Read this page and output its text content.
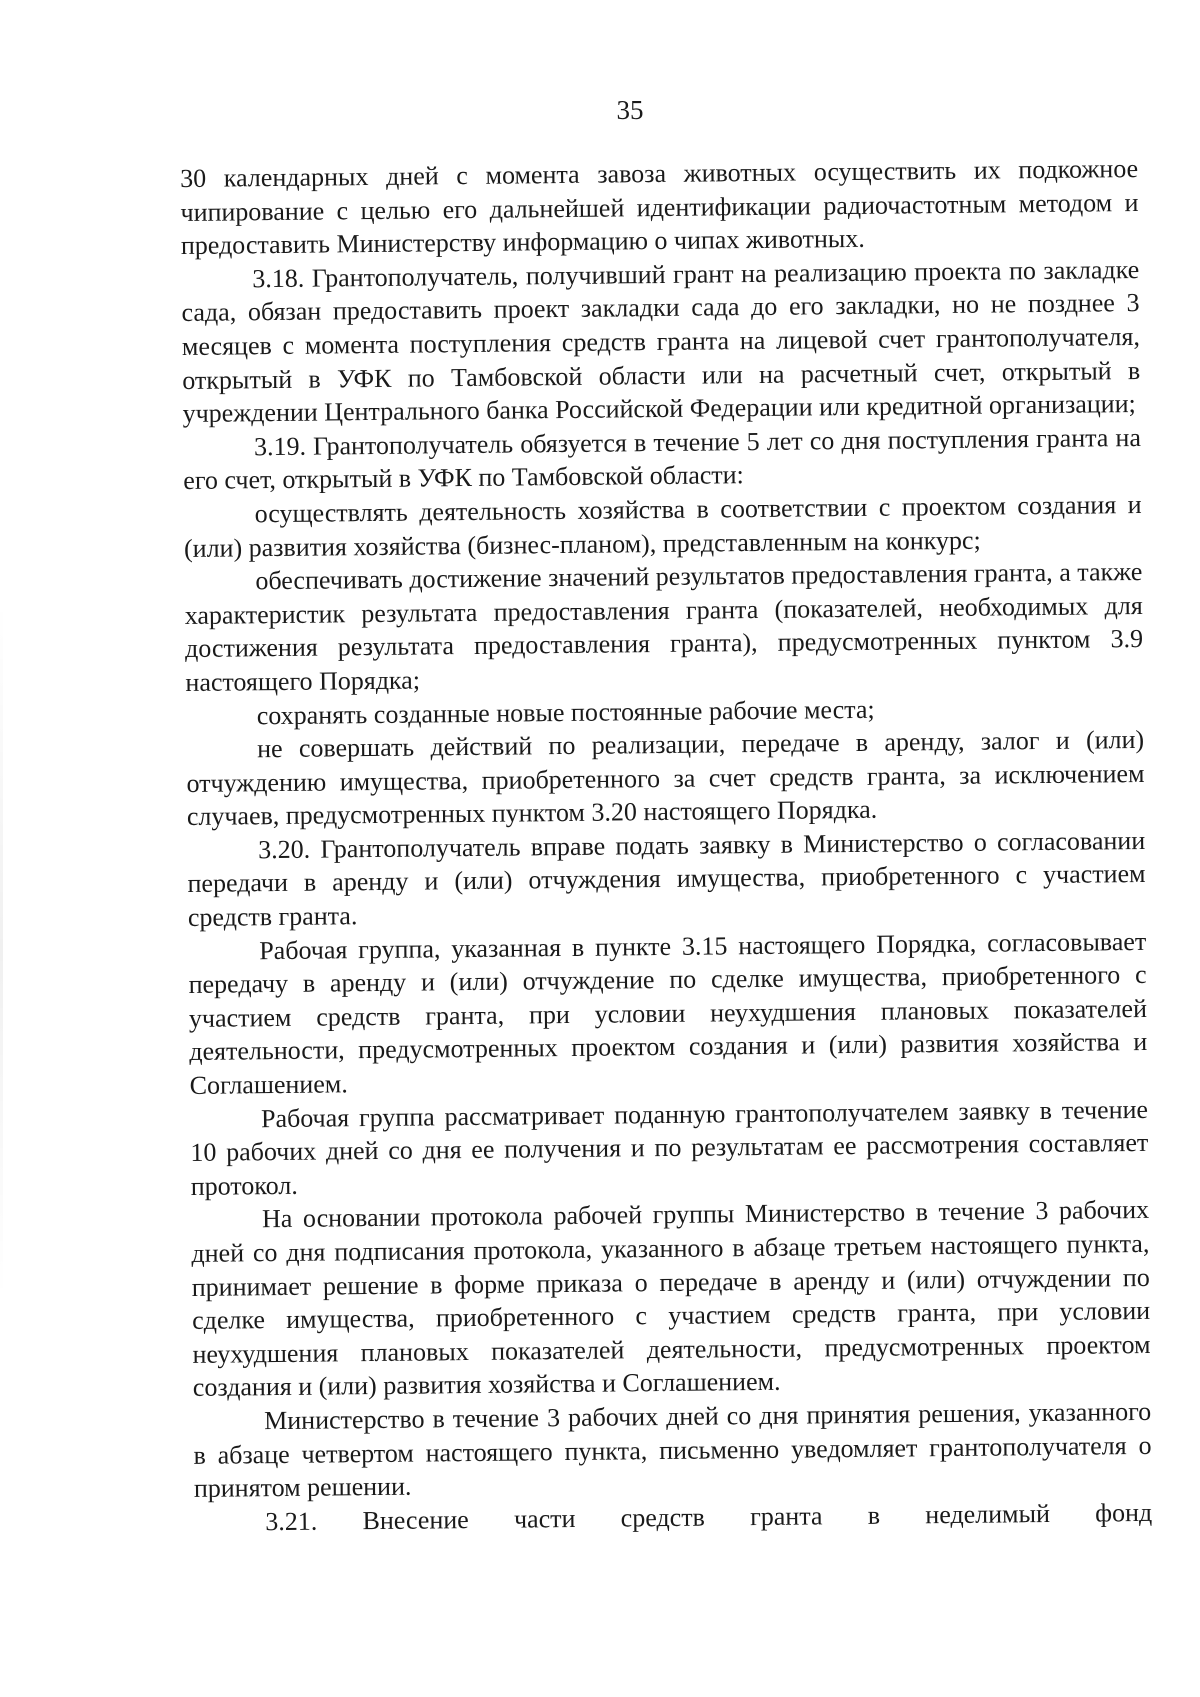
35

30 календарных дней с момента завоза животных осуществить их подкожное чипирование с целью его дальнейшей идентификации радиочастотным методом и предоставить Министерству информацию о чипах животных.

3.18. Грантополучатель, получивший грант на реализацию проекта по закладке сада, обязан предоставить проект закладки сада до его закладки, но не позднее 3 месяцев с момента поступления средств гранта на лицевой счет грантополучателя, открытый в УФК по Тамбовской области или на расчетный счет, открытый в учреждении Центрального банка Российской Федерации или кредитной организации;

3.19. Грантополучатель обязуется в течение 5 лет со дня поступления гранта на его счет, открытый в УФК по Тамбовской области:

осуществлять деятельность хозяйства в соответствии с проектом создания и (или) развития хозяйства (бизнес-планом), представленным на конкурс;

обеспечивать достижение значений результатов предоставления гранта, а также характеристик результата предоставления гранта (показателей, необходимых для достижения результата предоставления гранта), предусмотренных пунктом 3.9 настоящего Порядка;

сохранять созданные новые постоянные рабочие места;

не совершать действий по реализации, передаче в аренду, залог и (или) отчуждению имущества, приобретенного за счет средств гранта, за исключением случаев, предусмотренных пунктом 3.20 настоящего Порядка.

3.20. Грантополучатель вправе подать заявку в Министерство о согласовании передачи в аренду и (или) отчуждения имущества, приобретенного с участием средств гранта.

Рабочая группа, указанная в пункте 3.15 настоящего Порядка, согласовывает передачу в аренду и (или) отчуждение по сделке имущества, приобретенного с участием средств гранта, при условии неухудшения плановых показателей деятельности, предусмотренных проектом создания и (или) развития хозяйства и Соглашением.

Рабочая группа рассматривает поданную грантополучателем заявку в течение 10 рабочих дней со дня ее получения и по результатам ее рассмотрения составляет протокол.

На основании протокола рабочей группы Министерство в течение 3 рабочих дней со дня подписания протокола, указанного в абзаце третьем настоящего пункта, принимает решение в форме приказа о передаче в аренду и (или) отчуждении по сделке имущества, приобретенного с участием средств гранта, при условии неухудшения плановых показателей деятельности, предусмотренных проектом создания и (или) развития хозяйства и Соглашением.

Министерство в течение 3 рабочих дней со дня принятия решения, указанного в абзаце четвертом настоящего пункта, письменно уведомляет грантополучателя о принятом решении.

3.21. Внесение части средств гранта в неделимый фонд
